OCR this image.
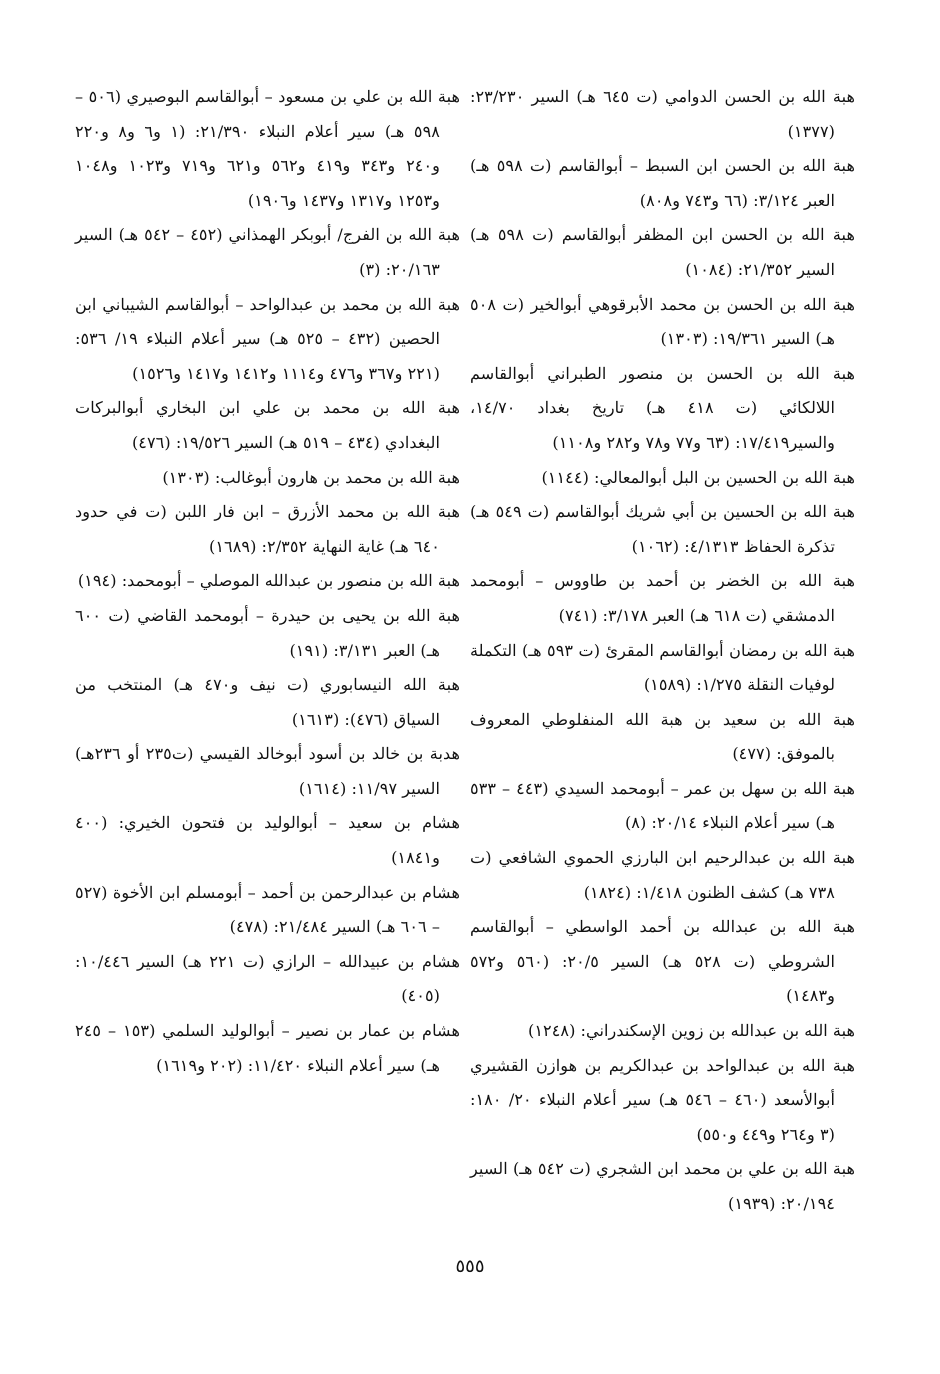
هبة الله بن الحسن الدوامي (ت ٦٤٥ هـ) السير ٢٣/٢٣٠: (١٣٧٧)

هبة الله بن الحسن ابن السبط – أبوالقاسم (ت ٥٩٨ هـ) العبر ٣/١٢٤: (٦٦ و٧٤٣ و٨٠٨)

هبة الله بن الحسن ابن المظفر أبوالقاسم (ت ٥٩٨ هـ) السير ٢١/٣٥٢: (١٠٨٤)

هبة الله بن الحسن بن محمد الأبرقوهي أبوالخير (ت ٥٠٨ هـ) السير ١٩/٣٦١: (١٣٠٣)

هبة الله بن الحسن بن منصور الطبراني أبوالقاسم اللالكائي (ت ٤١٨ هـ) تاريخ بغداد ١٤/٧٠، والسير١٧/٤١٩: (٦٣ و٧٧ و٧٨ و٢٨٢ و١١٠٨)

هبة الله بن الحسين بن البل أبوالمعالي: (١١٤٤)

هبة الله بن الحسين بن أبي شريك أبوالقاسم (ت ٥٤٩ هـ) تذكرة الحفاظ ٤/١٣١٣: (١٠٦٢)

هبة الله بن الخضر بن أحمد بن طاووس – أبومحمد الدمشقي (ت ٦١٨ هـ) العبر ٣/١٧٨: (٧٤١)

هبة الله بن رمضان أبوالقاسم المقرئ (ت ٥٩٣ هـ) التكملة لوفيات النقلة ١/٢٧٥: (١٥٨٩)

هبة الله بن سعيد بن هبة الله المنفلوطي المعروف بالموفق: (٤٧٧)

هبة الله بن سهل بن عمر – أبومحمد السيدي (٤٤٣ – ٥٣٣ هـ) سير أعلام النبلاء ٢٠/١٤: (٨)

هبة الله بن عبدالرحيم ابن البارزي الحموي الشافعي (ت ٧٣٨ هـ) كشف الظنون ١/٤١٨: (١٨٢٤)

هبة الله بن عبدالله بن أحمد الواسطي – أبوالقاسم الشروطي (ت ٥٢٨ هـ) السير ٢٠/٥: (٥٦٠ و٥٧٢ و١٤٨٣)

هبة الله بن عبدالله بن زوين الإسكندراني: (١٢٤٨)

هبة الله بن عبدالواحد بن عبدالكريم بن هوازن القشيري أبوالأسعد (٤٦٠ – ٥٤٦ هـ) سير أعلام النبلاء ٢٠/ ١٨٠: (٣ و٢٦٤ و٤٤٩ و٥٥٠)

هبة الله بن علي بن محمد ابن الشجري (ت ٥٤٢ هـ) السير ٢٠/١٩٤: (١٩٣٩)

هبة الله بن علي بن مسعود – أبوالقاسم البوصيري (٥٠٦ – ٥٩٨ هـ) سير أعلام النبلاء ٢١/٣٩٠: (١ و٦ و٨ و٢٢٠ و٢٤٠ و٣٤٣ و٤١٩ و٥٦٢ و٦٢١ و٧١٩ و١٠٢٣ و١٠٤٨ و١٢٥٣ و١٣١٧ و١٤٣٧ و١٩٠٦)

هبة الله بن الفرج/ أبوبكر الهمذاني (٤٥٢ – ٥٤٢ هـ) السير ٢٠/١٦٣: (٣)

هبة الله بن محمد بن عبدالواحد – أبوالقاسم الشيباني ابن الحصين (٤٣٢ – ٥٢٥ هـ) سير أعلام النبلاء ١٩/ ٥٣٦: (٢٢١ و٣٦٧ و٤٧٦ و١١١٤ و١٤١٢ و١٤١٧ و١٥٢٦)

هبة الله بن محمد بن علي ابن البخاري أبوالبركات البغدادي (٤٣٤ – ٥١٩ هـ) السير ١٩/٥٢٦: (٤٧٦)

هبة الله بن محمد بن هارون أبوغالب: (١٣٠٣)

هبة الله بن محمد الأزرق – ابن فار اللبن (ت في حدود ٦٤٠ هـ) غاية النهاية ٢/٣٥٢: (١٦٨٩)

هبة الله بن منصور بن عبدالله الموصلي – أبومحمد: (١٩٤)

هبة الله بن يحيى بن حيدرة – أبومحمد القاضي (ت ٦٠٠ هـ) العبر ٣/١٣١: (١٩١)

هبة الله النيسابوري (ت نيف و٤٧٠ هـ) المنتخب من السياق (٤٧٦): (١٦١٣)

هدبة بن خالد بن أسود أبوخالد القيسي (ت٢٣٥ أو ٢٣٦هـ) السير ١١/٩٧: (١٦١٤)

هشام بن سعيد – أبوالوليد بن فتحون الخيري: (٤٠٠ و١٨٤١)

هشام بن عبدالرحمن بن أحمد – أبومسلم ابن الأخوة (٥٢٧ – ٦٠٦ هـ) السير ٢١/٤٨٤: (٤٧٨)

هشام بن عبيدالله – الرازي (ت ٢٢١ هـ) السير ١٠/٤٤٦: (٤٠٥)

هشام بن عمار بن نصير – أبوالوليد السلمي (١٥٣ – ٢٤٥ هـ) سير أعلام النبلاء ١١/٤٢٠: (٢٠٢ و١٦١٩)

٥٥٥
